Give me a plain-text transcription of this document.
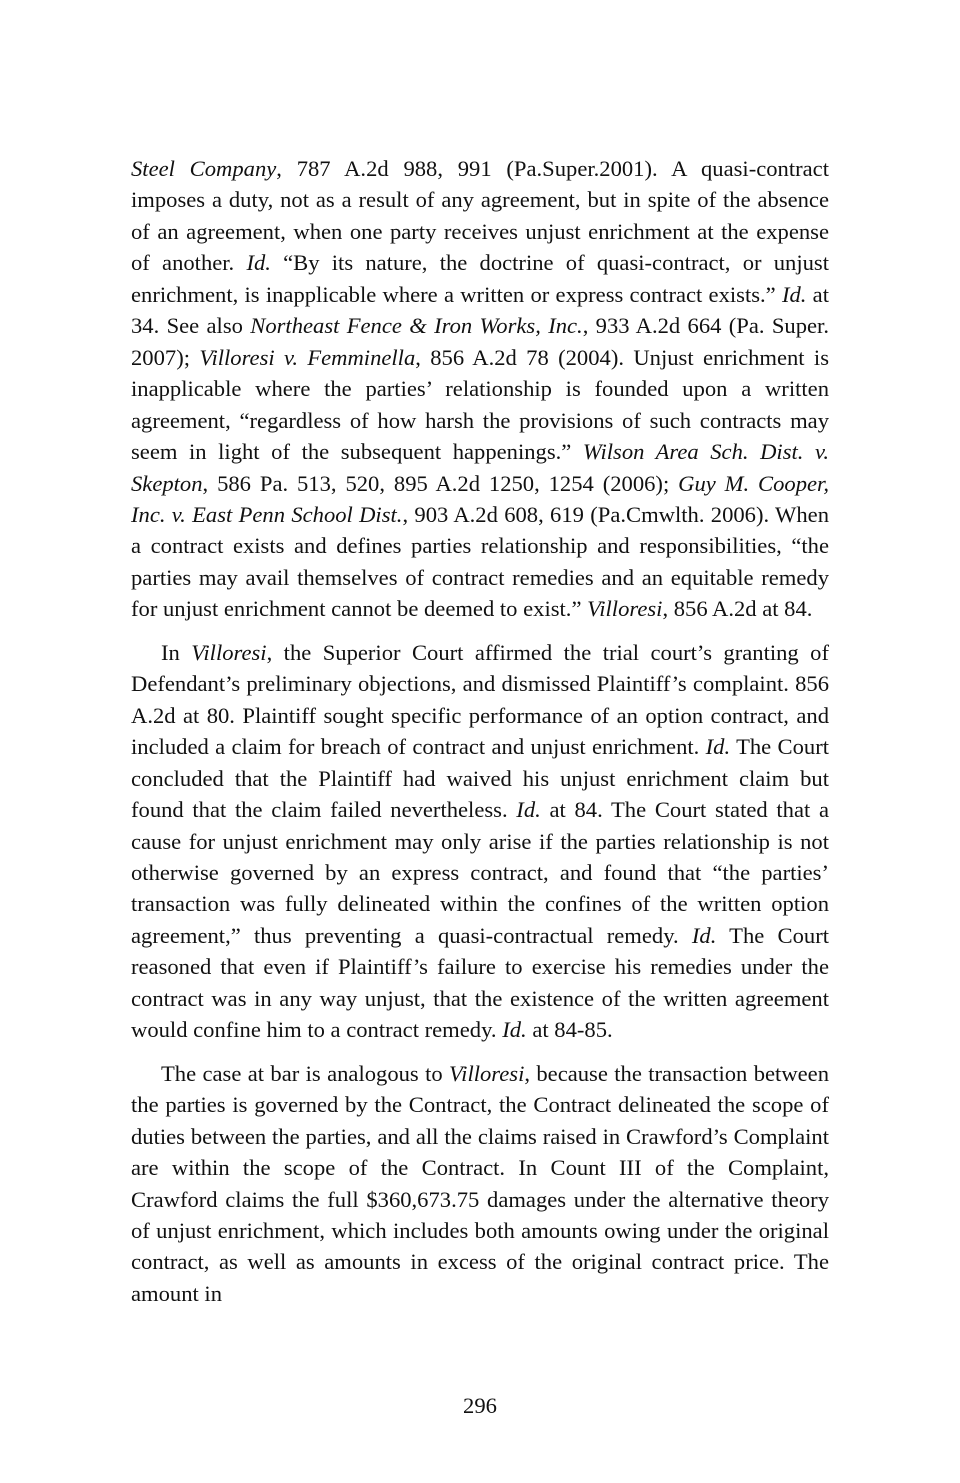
Steel Company, 787 A.2d 988, 991 (Pa.Super.2001). A quasi-contract imposes a duty, not as a result of any agreement, but in spite of the absence of an agreement, when one party receives unjust enrichment at the expense of another. Id. “By its nature, the doctrine of quasi-contract, or unjust enrichment, is inapplicable where a written or express contract exists.” Id. at 34. See also Northeast Fence & Iron Works, Inc., 933 A.2d 664 (Pa. Super. 2007); Villoresi v. Femminella, 856 A.2d 78 (2004). Unjust enrichment is inapplicable where the parties’ relationship is founded upon a written agreement, “regardless of how harsh the provisions of such contracts may seem in light of the subsequent happenings.” Wilson Area Sch. Dist. v. Skepton, 586 Pa. 513, 520, 895 A.2d 1250, 1254 (2006); Guy M. Cooper, Inc. v. East Penn School Dist., 903 A.2d 608, 619 (Pa.Cmwlth. 2006). When a contract exists and defines parties relationship and responsibilities, “the parties may avail themselves of contract remedies and an equitable remedy for unjust enrichment cannot be deemed to exist.” Villoresi, 856 A.2d at 84.

In Villoresi, the Superior Court affirmed the trial court’s granting of Defendant’s preliminary objections, and dismissed Plaintiff’s complaint. 856 A.2d at 80. Plaintiff sought specific performance of an option contract, and included a claim for breach of contract and unjust enrichment. Id. The Court concluded that the Plaintiff had waived his unjust enrichment claim but found that the claim failed nevertheless. Id. at 84. The Court stated that a cause for unjust enrichment may only arise if the parties relationship is not otherwise governed by an express contract, and found that “the parties’ transaction was fully delineated within the confines of the written option agreement,” thus preventing a quasi-contractual remedy. Id. The Court reasoned that even if Plaintiff’s failure to exercise his remedies under the contract was in any way unjust, that the existence of the written agreement would confine him to a contract remedy. Id. at 84-85.

The case at bar is analogous to Villoresi, because the transaction between the parties is governed by the Contract, the Contract delineated the scope of duties between the parties, and all the claims raised in Crawford’s Complaint are within the scope of the Contract. In Count III of the Complaint, Crawford claims the full $360,673.75 damages under the alternative theory of unjust enrichment, which includes both amounts owing under the original contract, as well as amounts in excess of the original contract price. The amount in

296
